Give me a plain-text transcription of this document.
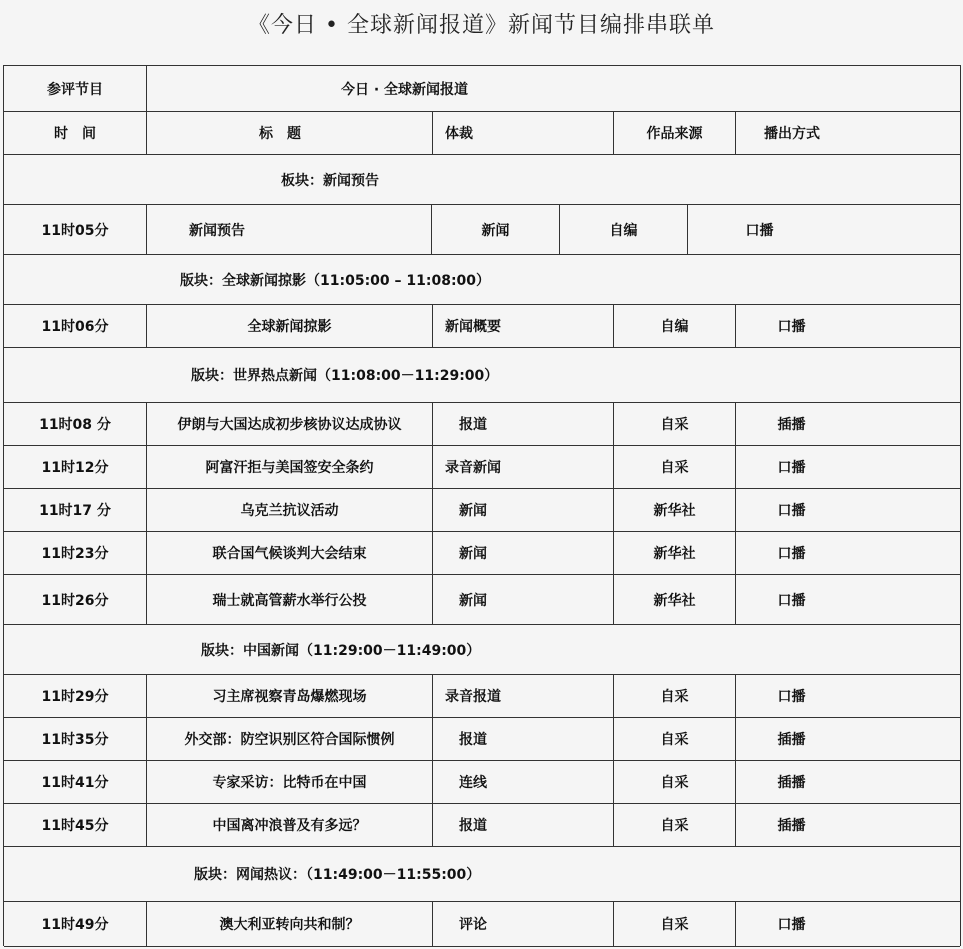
《今日 • 全球新闻报道》新闻节目编排串联单
参评节目	今日 · 全球新闻报道
时　间	标　题	体裁	作品来源	播出方式
板块：新闻预告
11时05分	新闻预告	新闻	自编	口播
版块：全球新闻掠影（11:05:00 – 11:08:00）
11时06分	全球新闻掠影	新闻概要	自编	口播
版块：世界热点新闻（11:08:00－11:29:00）
11时08 分	伊朗与大国达成初步核协议达成协议	报道	自采	插播
11时12分	阿富汗拒与美国签安全条约	录音新闻	自采	口播
11时17 分	乌克兰抗议活动	新闻	新华社	口播
11时23分	联合国气候谈判大会结束	新闻	新华社	口播
11时26分	瑞士就高管薪水举行公投	新闻	新华社	口播
版块：中国新闻（11:29:00－11:49:00）
11时29分	习主席视察青岛爆燃现场	录音报道	自采	口播
11时35分	外交部：防空识别区符合国际惯例	报道	自采	插播
11时41分	专家采访：比特币在中国	连线	自采	插播
11时45分	中国离冲浪普及有多远？	报道	自采	插播
版块：网闻热议：（11:49:00－11:55:00）
11时49分	澳大利亚转向共和制？	评论	自采	口播
